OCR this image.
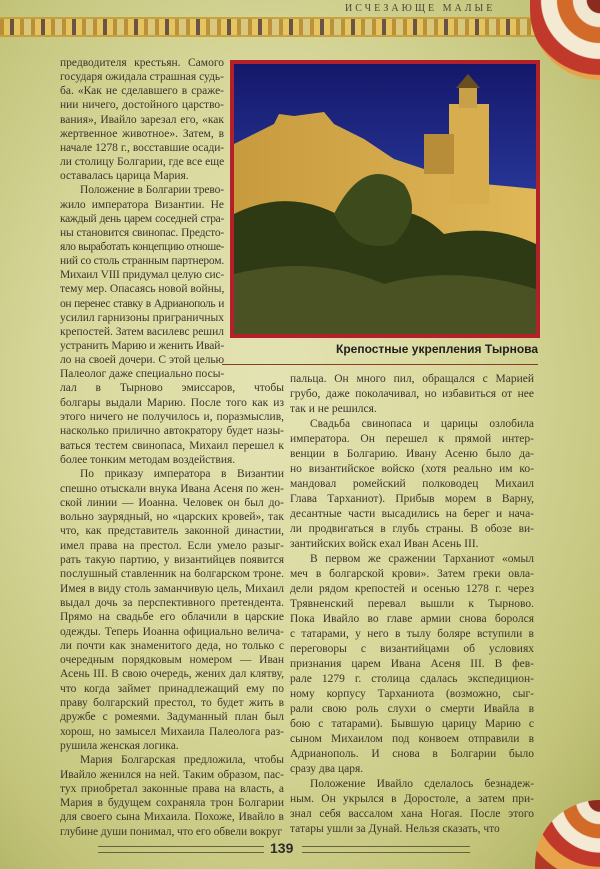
ИСЧЕЗАЮЩЕ МАЛЫЕ
Крепостные укрепления Тырнова
предводителя крестьян. Самого
государя ожидала страшная судь-
ба. «Как не сделавшего в сраже-
нии ничего, достойного царство-
вания», Ивайло зарезал его, «как
жертвенное животное». Затем, в
начале 1278 г., восставшие осади-
ли столицу Болгарии, где все еще
оставалась царица Мария.
Положение в Болгарии трево-
жило императора Византии. Не
каждый день царем соседней стра-
ны становится свинопас. Предсто-
яло выработать концепцию отноше-
ний со столь странным партнером.
Михаил VIII придумал целую сис-
тему мер. Опасаясь новой войны,
он перенес ставку в Адрианополь и
усилил гарнизоны приграничных
крепостей. Затем василевс решил
устранить Марию и женить Ивай-
ло на своей дочери. С этой целью
Палеолог даже специально посы-
лал в Тырново эмиссаров, чтобы
болгары выдали Марию. После того как из
этого ничего не получилось и, поразмыслив,
насколько прилично автократору будет назы-
ваться тестем свинопаса, Михаил перешел к
более тонким методам воздействия.
По приказу императора в Византии
спешно отыскали внука Ивана Асеня по жен-
ской линии — Иоанна. Человек он был до-
вольно заурядный, но «царских кровей», так
что, как представитель законной династии,
имел права на престол. Если умело разыг-
рать такую партию, у византийцев появится
послушный ставленник на болгарском троне.
Имея в виду столь заманчивую цель, Михаил
выдал дочь за перспективного претендента.
Прямо на свадьбе его облачили в царские
одежды. Теперь Иоанна официально велича-
ли почти как знаменитого деда, но только с
очередным порядковым номером — Иван
Асень III. В свою очередь, жених дал клятву,
что когда займет принадлежащий ему по
праву болгарский престол, то будет жить в
дружбе с ромеями. Задуманный план был
хорош, но замысел Михаила Палеолога раз-
рушила женская логика.
Мария Болгарская предложила, чтобы
Ивайло женился на ней. Таким образом, пас-
тух приобретал законные права на власть, а
Мария в будущем сохраняла трон Болгарии
для своего сына Михаила. Похоже, Ивайло в
глубине души понимал, что его обвели вокруг
пальца. Он много пил, обращался с Марией
грубо, даже поколачивал, но избавиться от нее
так и не решился.
Свадьба свинопаса и царицы озлобила
императора. Он перешел к прямой интер-
венции в Болгарию. Ивану Асеню было да-
но византийское войско (хотя реально им ко-
мандовал ромейский полководец Михаил
Глава Тарханиот). Прибыв морем в Варну,
десантные части высадились на берег и нача-
ли продвигаться в глубь страны. В обозе ви-
зантийских войск ехал Иван Асень III.
В первом же сражении Тарханиот «омыл
меч в болгарской крови». Затем греки овла-
дели рядом крепостей и осенью 1278 г. через
Трявненский перевал вышли к Тырново.
Пока Ивайло во главе армии снова боролся
с татарами, у него в тылу боляре вступили в
переговоры с византийцами об условиях
признания царем Ивана Асеня III. В фев-
рале 1279 г. столица сдалась экспедицион-
ному корпусу Тарханиота (возможно, сыг-
рали свою роль слухи о смерти Ивайла в
бою с татарами). Бывшую царицу Марию с
сыном Михаилом под конвоем отправили в
Адрианополь. И снова в Болгарии было
сразу два царя.
Положение Ивайло сделалось безнадеж-
ным. Он укрылся в Доростоле, а затем при-
знал себя вассалом хана Ногая. После этого
татары ушли за Дунай. Нельзя сказать, что
139
